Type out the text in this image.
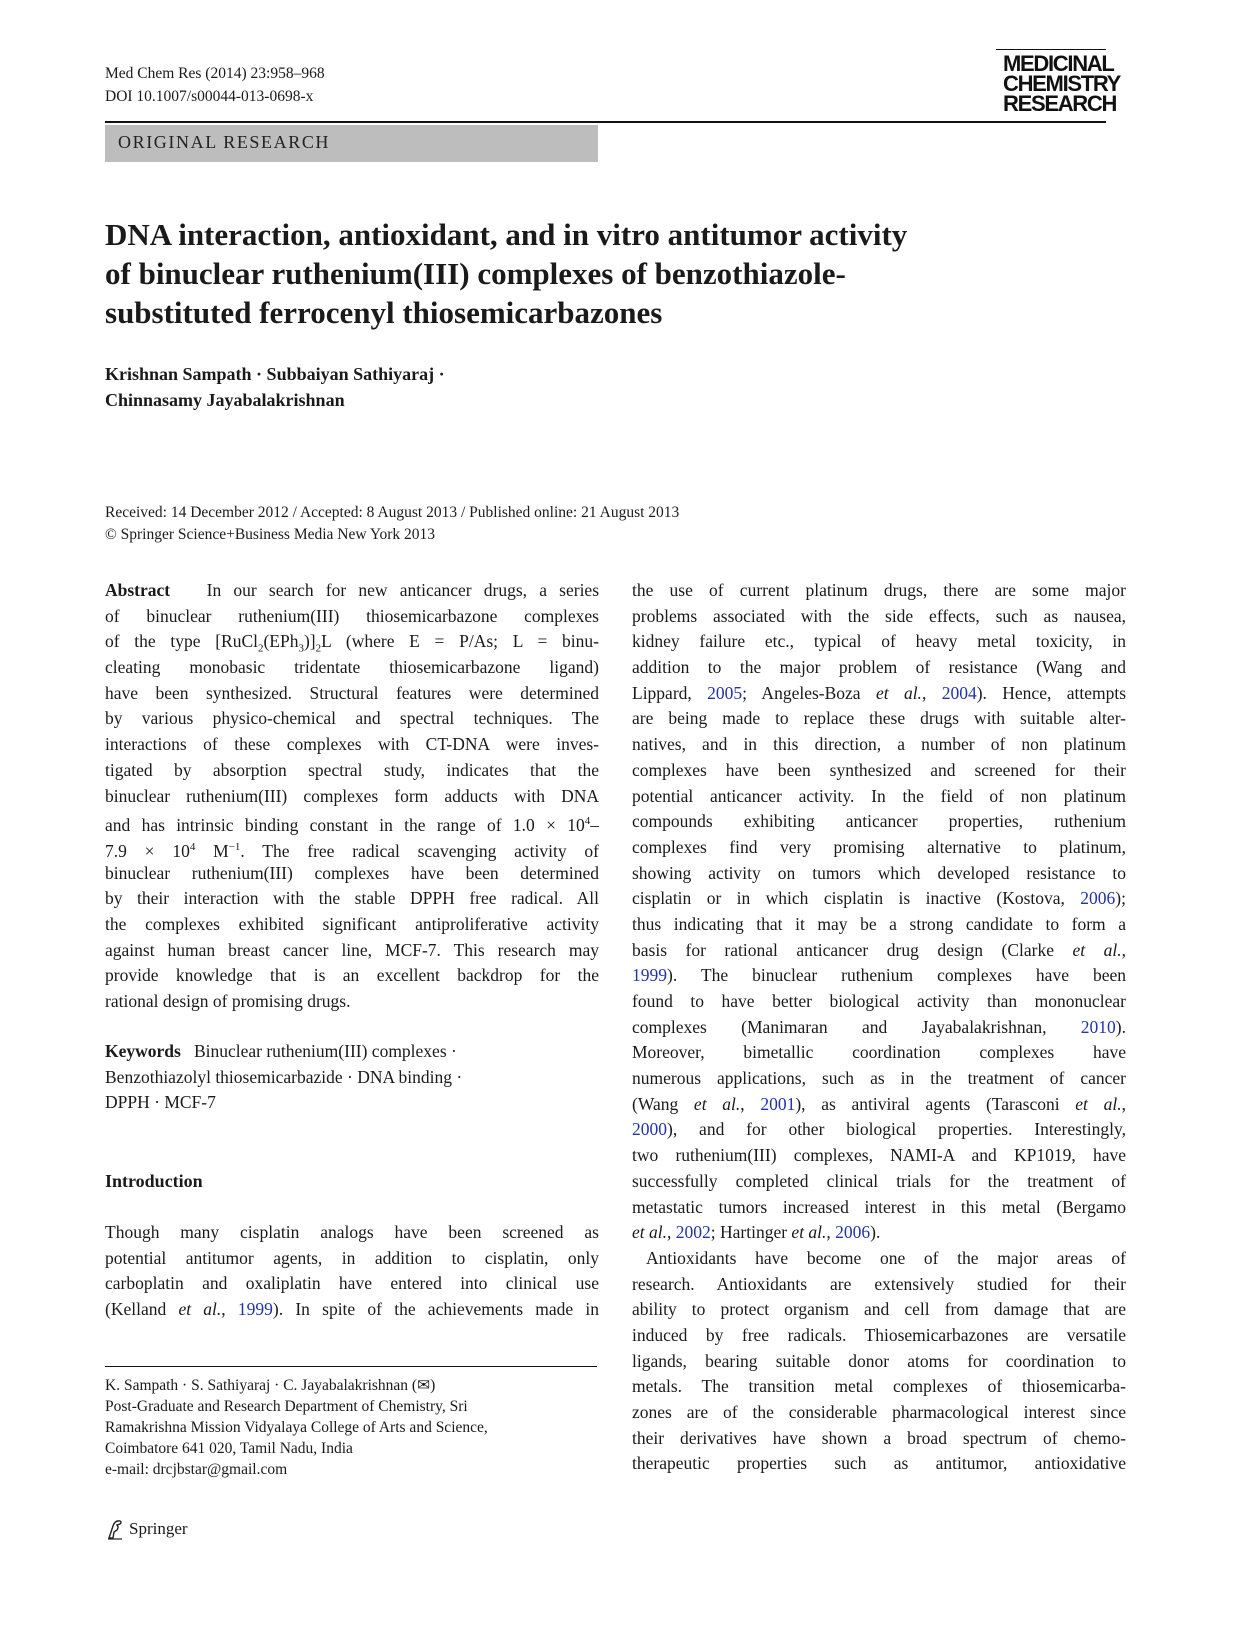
Med Chem Res (2014) 23:958–968
DOI 10.1007/s00044-013-0698-x
ORIGINAL RESEARCH
MEDICINAL
CHEMISTRY
RESEARCH
DNA interaction, antioxidant, and in vitro antitumor activity
of binuclear ruthenium(III) complexes of benzothiazole-
substituted ferrocenyl thiosemicarbazones
Krishnan Sampath · Subbaiyan Sathiyaraj ·
Chinnasamy Jayabalakrishnan
Received: 14 December 2012 / Accepted: 8 August 2013 / Published online: 21 August 2013
© Springer Science+Business Media New York 2013
Abstract In our search for new anticancer drugs, a series
of binuclear ruthenium(III) thiosemicarbazone complexes
of the type $[RuCl_2(EPh_3)]_2L$ (where E = P/As; L = binu-
cleating monobasic tridentate thiosemicarbazone ligand)
have been synthesized. Structural features were determined
by various physico-chemical and spectral techniques. The
interactions of these complexes with CT-DNA were inves-
tigated by absorption spectral study, indicates that the
binuclear ruthenium(III) complexes form adducts with DNA
and has intrinsic binding constant in the range of $1.0 \times 10^4-$
$7.9 \times 10^4$ $M^{-1}$. The free radical scavenging activity of
binuclear ruthenium(III) complexes have been determined
by their interaction with the stable DPPH free radical. All
the complexes exhibited significant antiproliferative activity
against human breast cancer line, MCF-7. This research may
provide knowledge that is an excellent backdrop for the
rational design of promising drugs.
Keywords Binuclear ruthenium(III) complexes ·
Benzothiazolyl thiosemicarbazide · DNA binding ·
DPPH · MCF-7
Introduction
Though many cisplatin analogs have been screened as
potential antitumor agents, in addition to cisplatin, only
carboplatin and oxaliplatin have entered into clinical use
(Kelland et al., 1999). In spite of the achievements made in
K. Sampath · S. Sathiyaraj · C. Jayabalakrishnan (✉)
Post-Graduate and Research Department of Chemistry, Sri
Ramakrishna Mission Vidyalaya College of Arts and Science,
Coimbatore 641 020, Tamil Nadu, India
e-mail: drcjbstar@gmail.com
the use of current platinum drugs, there are some major
problems associated with the side effects, such as nausea,
kidney failure etc., typical of heavy metal toxicity, in
addition to the major problem of resistance (Wang and
Lippard, 2005; Angeles-Boza et al., 2004). Hence, attempts
are being made to replace these drugs with suitable alter-
natives, and in this direction, a number of non platinum
complexes have been synthesized and screened for their
potential anticancer activity. In the field of non platinum
compounds exhibiting anticancer properties, ruthenium
complexes find very promising alternative to platinum,
showing activity on tumors which developed resistance to
cisplatin or in which cisplatin is inactive (Kostova, 2006);
thus indicating that it may be a strong candidate to form a
basis for rational anticancer drug design (Clarke et al.,
1999). The binuclear ruthenium complexes have been
found to have better biological activity than mononuclear
complexes (Manimaran and Jayabalakrishnan, 2010).
Moreover, bimetallic coordination complexes have
numerous applications, such as in the treatment of cancer
(Wang et al., 2001), as antiviral agents (Tarasconi et al.,
2000), and for other biological properties. Interestingly,
two ruthenium(III) complexes, NAMI-A and KP1019, have
successfully completed clinical trials for the treatment of
metastatic tumors increased interest in this metal (Bergamo
et al., 2002; Hartinger et al., 2006).
Antioxidants have become one of the major areas of
research. Antioxidants are extensively studied for their
ability to protect organism and cell from damage that are
induced by free radicals. Thiosemicarbazones are versatile
ligands, bearing suitable donor atoms for coordination to
metals. The transition metal complexes of thiosemicarba-
zones are of the considerable pharmacological interest since
their derivatives have shown a broad spectrum of chemo-
therapeutic properties such as antitumor, antioxidative
Springer
